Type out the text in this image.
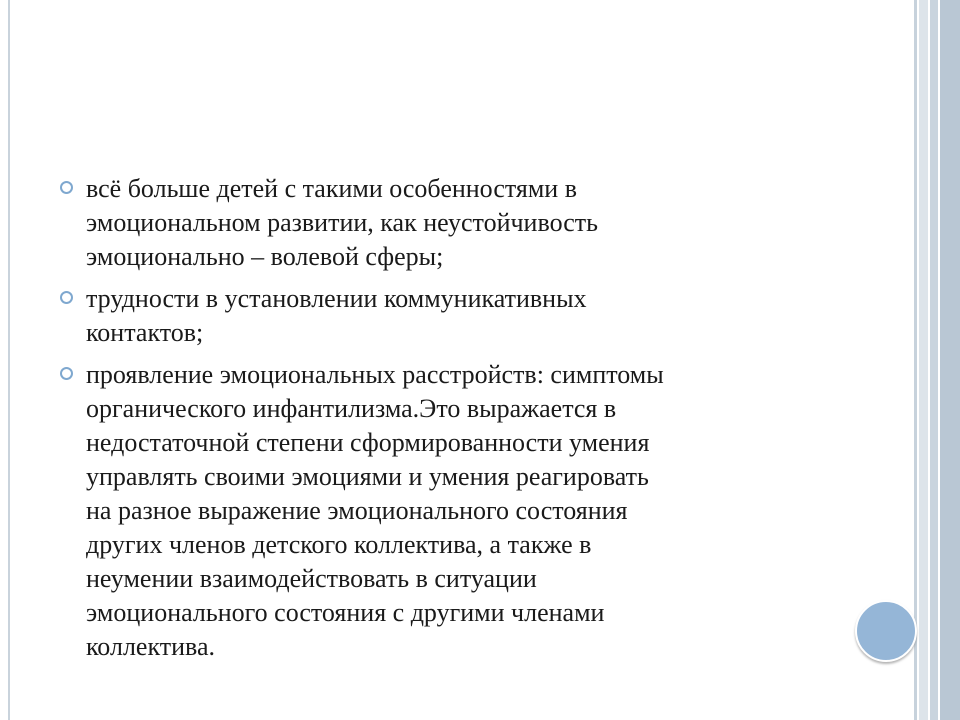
всё больше детей с такими особенностями в
эмоциональном развитии, как неустойчивость
эмоционально – волевой сферы;
трудности в установлении коммуникативных
контактов;
проявление эмоциональных расстройств: симптомы
органического инфантилизма.Это выражается в
недостаточной степени сформированности умения
управлять своими эмоциями и умения реагировать
на разное выражение эмоционального состояния
других членов детского коллектива, а также в
неумении взаимодействовать в ситуации
эмоционального состояния с другими членами
коллектива.
